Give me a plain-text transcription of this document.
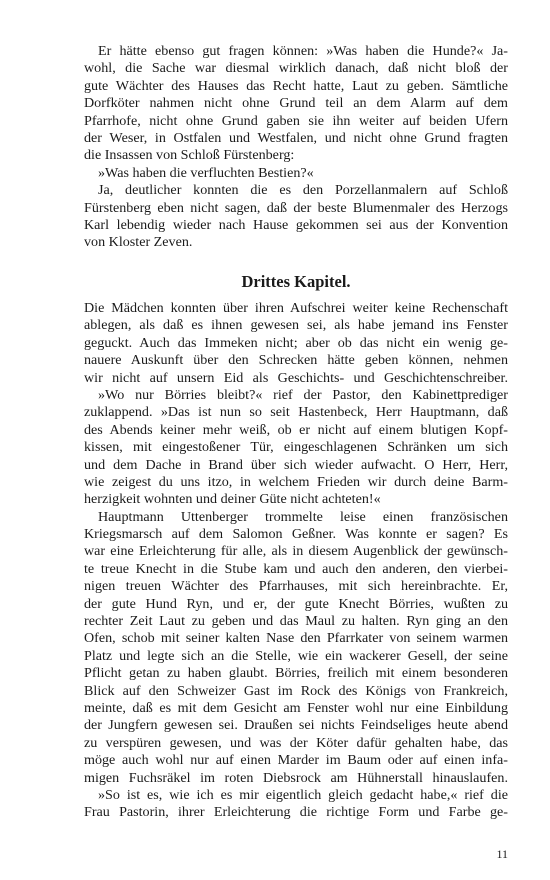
Er hätte ebenso gut fragen können: »Was haben die Hunde?« Ja-
wohl, die Sache war diesmal wirklich danach, daß nicht bloß der
gute Wächter des Hauses das Recht hatte, Laut zu geben. Sämtliche
Dorfköter nahmen nicht ohne Grund teil an dem Alarm auf dem
Pfarrhofe, nicht ohne Grund gaben sie ihn weiter auf beiden Ufern
der Weser, in Ostfalen und Westfalen, und nicht ohne Grund fragten
die Insassen von Schloß Fürstenberg:
»Was haben die verfluchten Bestien?«
Ja, deutlicher konnten die es den Porzellanmalern auf Schloß
Fürstenberg eben nicht sagen, daß der beste Blumenmaler des Herzogs
Karl lebendig wieder nach Hause gekommen sei aus der Konvention
von Kloster Zeven.
Drittes Kapitel.
Die Mädchen konnten über ihren Aufschrei weiter keine Rechenschaft
ablegen, als daß es ihnen gewesen sei, als habe jemand ins Fenster
geguckt. Auch das Immeken nicht; aber ob das nicht ein wenig ge-
nauere Auskunft über den Schrecken hätte geben können, nehmen
wir nicht auf unsern Eid als Geschichts- und Geschichtenschreiber.
»Wo nur Börries bleibt?« rief der Pastor, den Kabinettprediger
zuklappend. »Das ist nun so seit Hastenbeck, Herr Hauptmann, daß
des Abends keiner mehr weiß, ob er nicht auf einem blutigen Kopf-
kissen, mit eingestoßener Tür, eingeschlagenen Schränken um sich
und dem Dache in Brand über sich wieder aufwacht. O Herr, Herr,
wie zeigest du uns itzo, in welchem Frieden wir durch deine Barm-
herzigkeit wohnten und deiner Güte nicht achteten!«
Hauptmann Uttenberger trommelte leise einen französischen
Kriegsmarsch auf dem Salomon Geßner. Was konnte er sagen? Es
war eine Erleichterung für alle, als in diesem Augenblick der gewünsch-
te treue Knecht in die Stube kam und auch den anderen, den vierbei-
nigen treuen Wächter des Pfarrhauses, mit sich hereinbrachte. Er,
der gute Hund Ryn, und er, der gute Knecht Börries, wußten zu
rechter Zeit Laut zu geben und das Maul zu halten. Ryn ging an den
Ofen, schob mit seiner kalten Nase den Pfarrkater von seinem warmen
Platz und legte sich an die Stelle, wie ein wackerer Gesell, der seine
Pflicht getan zu haben glaubt. Börries, freilich mit einem besonderen
Blick auf den Schweizer Gast im Rock des Königs von Frankreich,
meinte, daß es mit dem Gesicht am Fenster wohl nur eine Einbildung
der Jungfern gewesen sei. Draußen sei nichts Feindseliges heute abend
zu verspüren gewesen, und was der Köter dafür gehalten habe, das
möge auch wohl nur auf einen Marder im Baum oder auf einen infa-
migen Fuchsräkel im roten Diebsrock am Hühnerstall hinauslaufen.
»So ist es, wie ich es mir eigentlich gleich gedacht habe,« rief die
Frau Pastorin, ihrer Erleichterung die richtige Form und Farbe ge-
11
